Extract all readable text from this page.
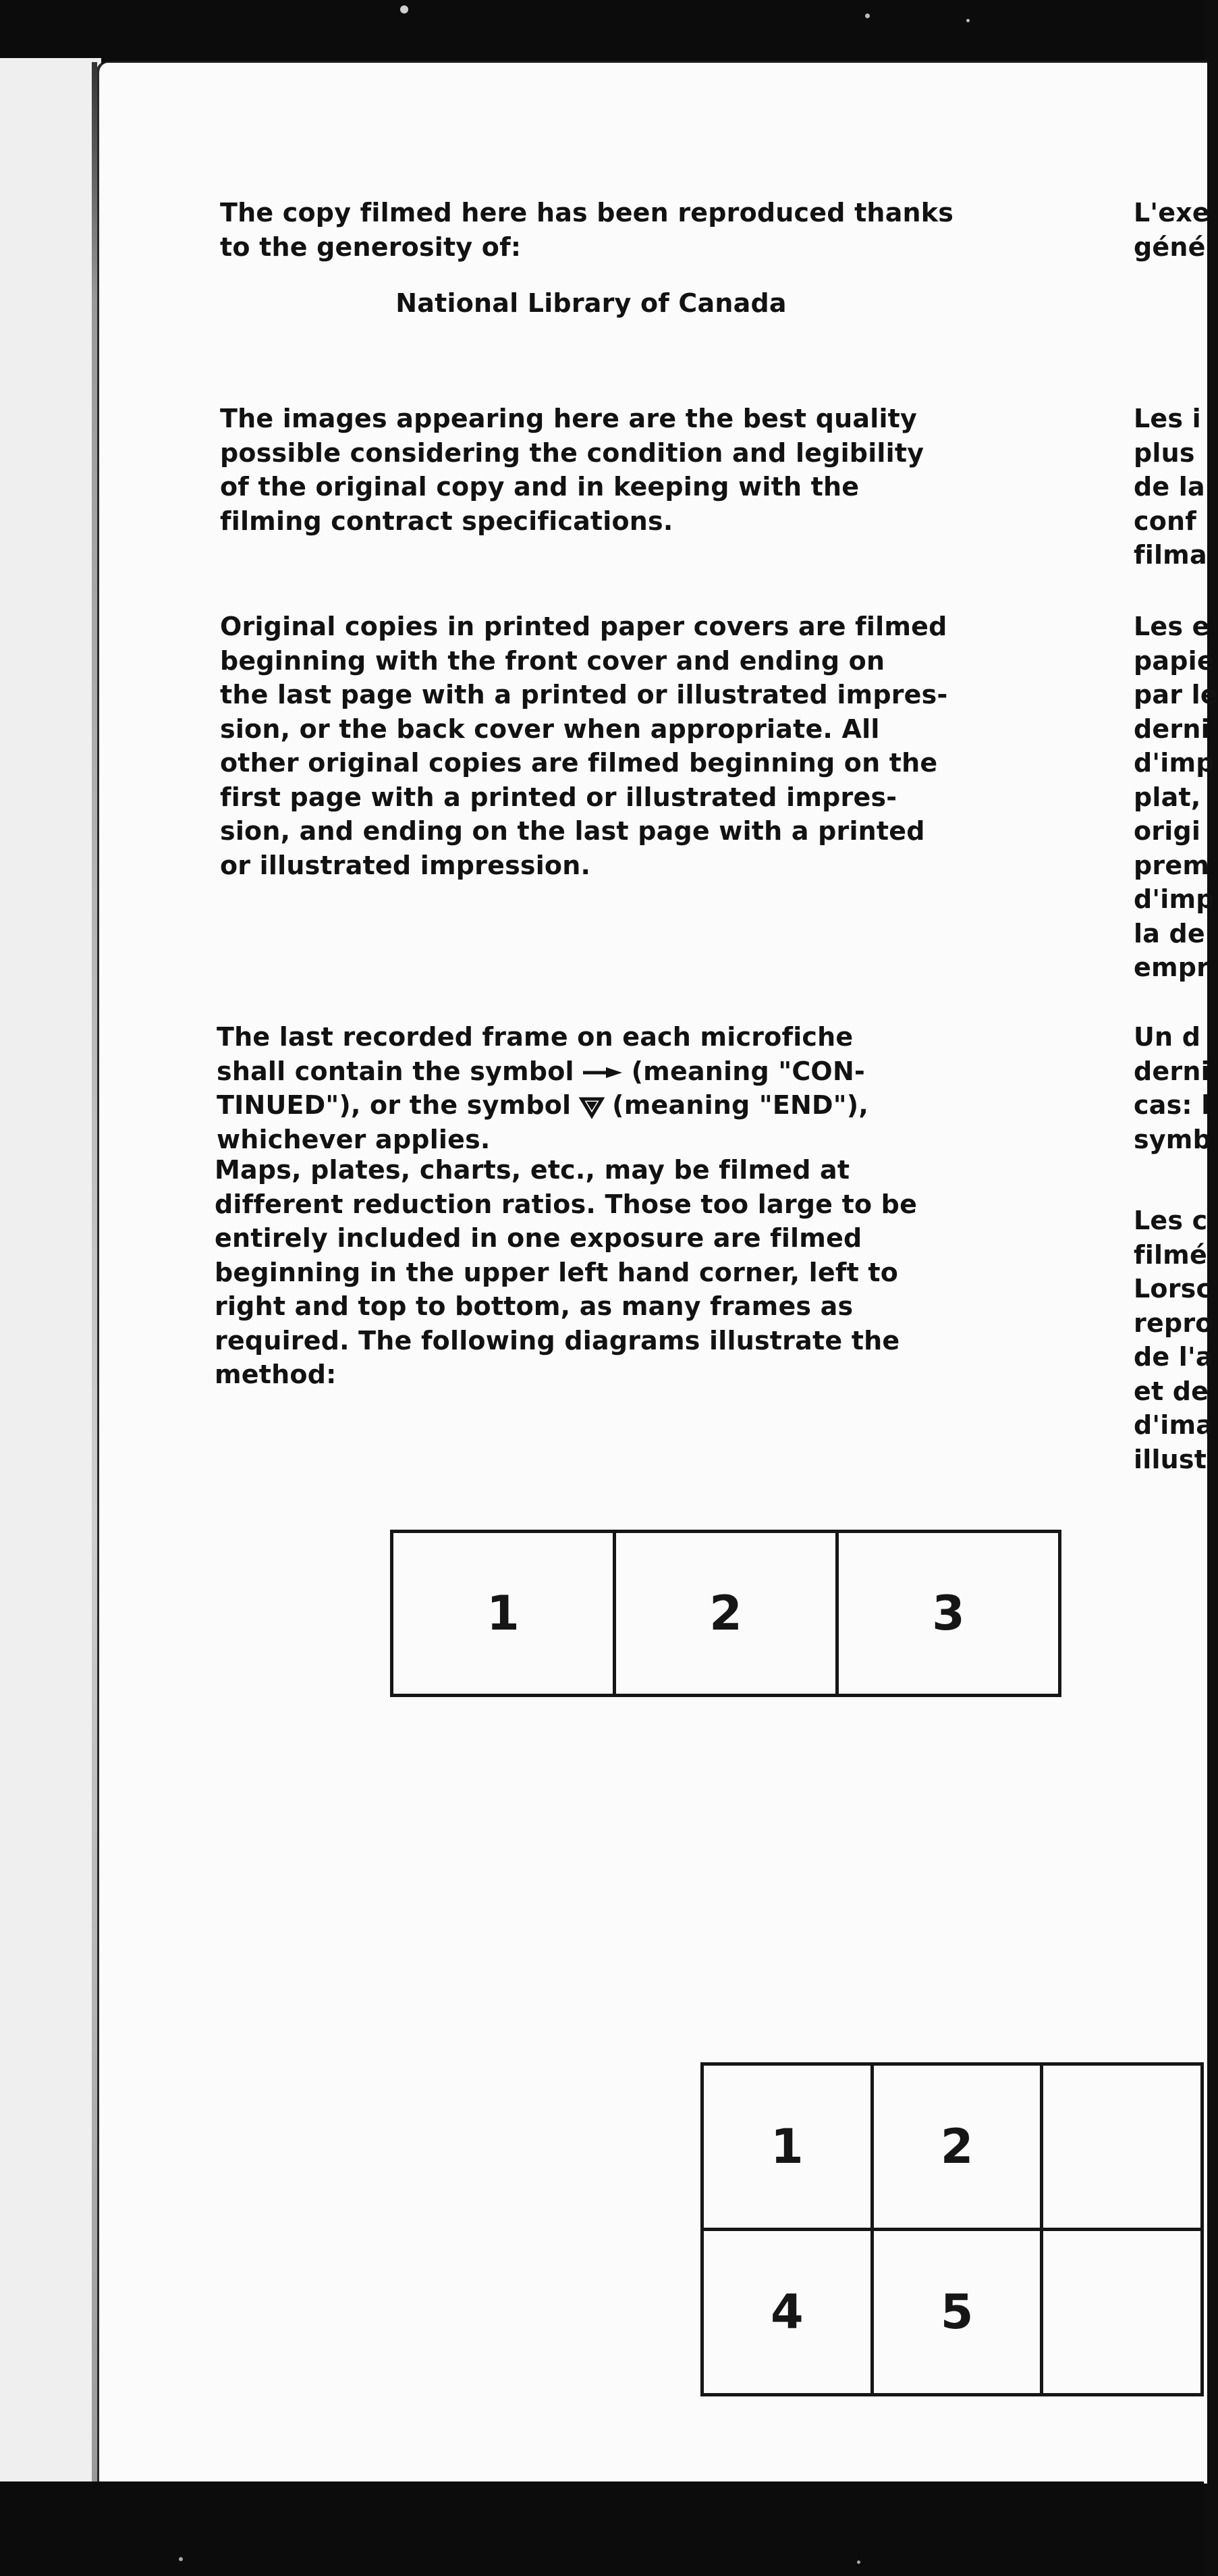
The copy filmed here has been reproduced thanks
to the generosity of:
National Library of Canada
The images appearing here are the best quality
possible considering the condition and legibility
of the original copy and in keeping with the
filming contract specifications.
Original copies in printed paper covers are filmed
beginning with the front cover and ending on
the last page with a printed or illustrated impres-
sion, or the back cover when appropriate. All
other original copies are filmed beginning on the
first page with a printed or illustrated impres-
sion, and ending on the last page with a printed
or illustrated impression.
The last recorded frame on each microfiche
shall contain the symbol (meaning "CON-
TINUED"), or the symbol (meaning "END"),
whichever applies.
Maps, plates, charts, etc., may be filmed at
different reduction ratios. Those too large to be
entirely included in one exposure are filmed
beginning in the upper left hand corner, left to
right and top to bottom, as many frames as
required. The following diagrams illustrate the
method:
L'exe
géné
Les i
plus
de la
conf
filma
Les e
papie
par le
derni
d'imp
plat,
origi
prem
d'imp
la de
empr
Un d
derni
cas: l
symb
Les c
filmé
Lorsc
repro
de l'a
et de
d'ima
illust
1	2	3
1	2	
4	5	
